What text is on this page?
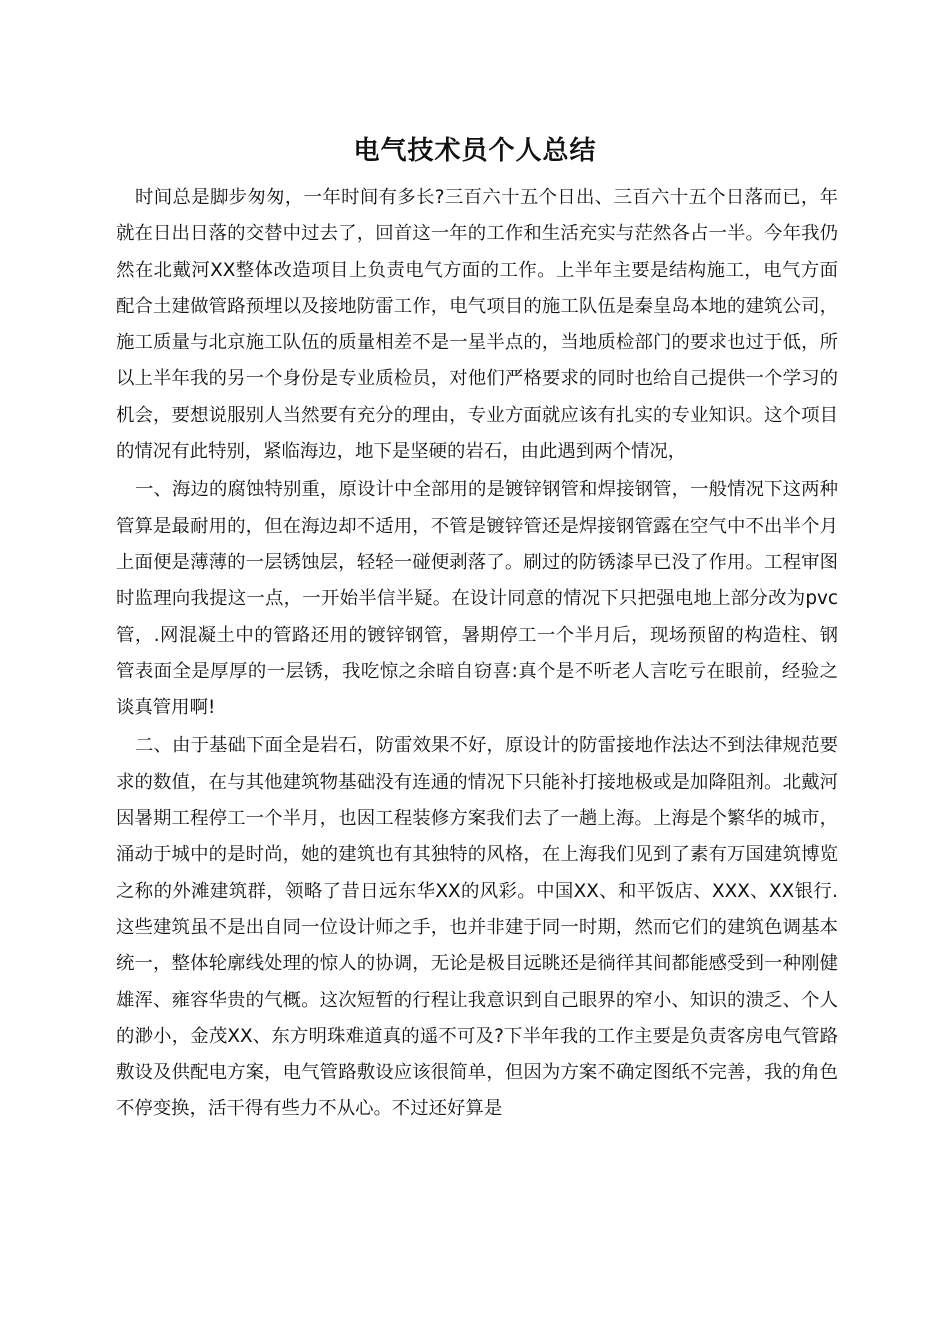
电气技术员个人总结

时间总是脚步匆匆，一年时间有多长?三百六十五个日出、三百六十五个日落而已，年就在日出日落的交替中过去了，回首这一年的工作和生活充实与茫然各占一半。今年我仍然在北戴河XX整体改造项目上负责电气方面的工作。上半年主要是结构施工，电气方面配合土建做管路预埋以及接地防雷工作，电气项目的施工队伍是秦皇岛本地的建筑公司，施工质量与北京施工队伍的质量相差不是一星半点的，当地质检部门的要求也过于低，所以上半年我的另一个身份是专业质检员，对他们严格要求的同时也给自己提供一个学习的机会，要想说服别人当然要有充分的理由，专业方面就应该有扎实的专业知识。这个项目的情况有此特别，紧临海边，地下是坚硬的岩石，由此遇到两个情况，

一、海边的腐蚀特别重，原设计中全部用的是镀锌钢管和焊接钢管，一般情况下这两种管算是最耐用的，但在海边却不适用，不管是镀锌管还是焊接钢管露在空气中不出半个月上面便是薄薄的一层锈蚀层，轻轻一碰便剥落了。刷过的防锈漆早已没了作用。工程审图时监理向我提这一点，一开始半信半疑。在设计同意的情况下只把强电地上部分改为pvc管，.网混凝土中的管路还用的镀锌钢管，暑期停工一个半月后，现场预留的构造柱、钢管表面全是厚厚的一层锈，我吃惊之余暗自窃喜:真个是不听老人言吃亏在眼前，经验之谈真管用啊!

二、由于基础下面全是岩石，防雷效果不好，原设计的防雷接地作法达不到法律规范要求的数值，在与其他建筑物基础没有连通的情况下只能补打接地极或是加降阻剂。北戴河因暑期工程停工一个半月，也因工程装修方案我们去了一趟上海。上海是个繁华的城市，涌动于城中的是时尚，她的建筑也有其独特的风格，在上海我们见到了素有万国建筑博览之称的外滩建筑群，领略了昔日远东华XX的风彩。中国XX、和平饭店、XXX、XX银行.这些建筑虽不是出自同一位设计师之手，也并非建于同一时期，然而它们的建筑色调基本统一，整体轮廓线处理的惊人的协调，无论是极目远眺还是徜徉其间都能感受到一种刚健雄浑、雍容华贵的气概。这次短暂的行程让我意识到自己眼界的窄小、知识的溃乏、个人的渺小，金茂XX、东方明珠难道真的遥不可及?下半年我的工作主要是负责客房电气管路敷设及供配电方案，电气管路敷设应该很简单，但因为方案不确定图纸不完善，我的角色不停变换，活干得有些力不从心。不过还好算是
